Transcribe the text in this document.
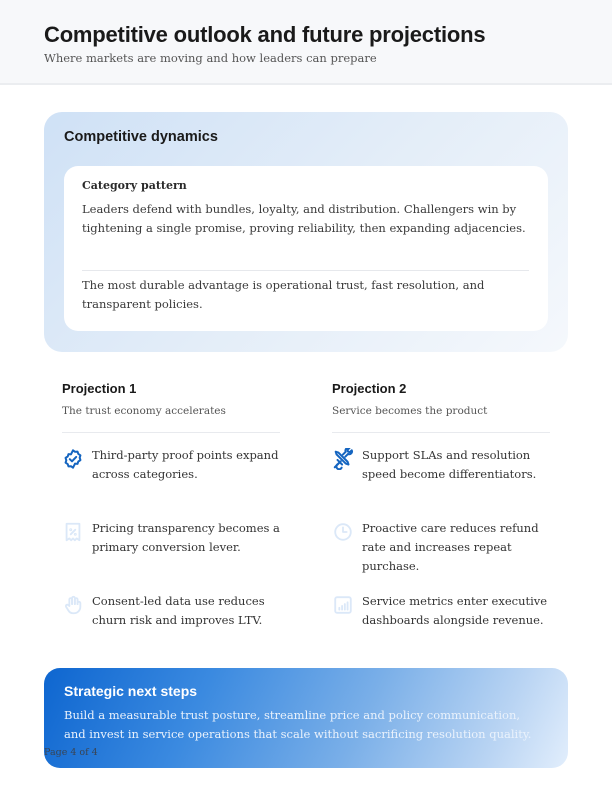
Competitive outlook and future projections
Where markets are moving and how leaders can prepare
Competitive dynamics
Category pattern
Leaders defend with bundles, loyalty, and distribution. Challengers win by tightening a single promise, proving reliability, then expanding adjacencies.
The most durable advantage is operational trust, fast resolution, and transparent policies.
Projection 1
The trust economy accelerates
Third-party proof points expand across categories.
Pricing transparency becomes a primary conversion lever.
Consent-led data use reduces churn risk and improves LTV.
Projection 2
Service becomes the product
Support SLAs and resolution speed become differentiators.
Proactive care reduces refund rate and increases repeat purchase.
Service metrics enter executive dashboards alongside revenue.
Strategic next steps
Build a measurable trust posture, streamline price and policy communication, and invest in service operations that scale without sacrificing resolution quality.
Page 4 of 4
